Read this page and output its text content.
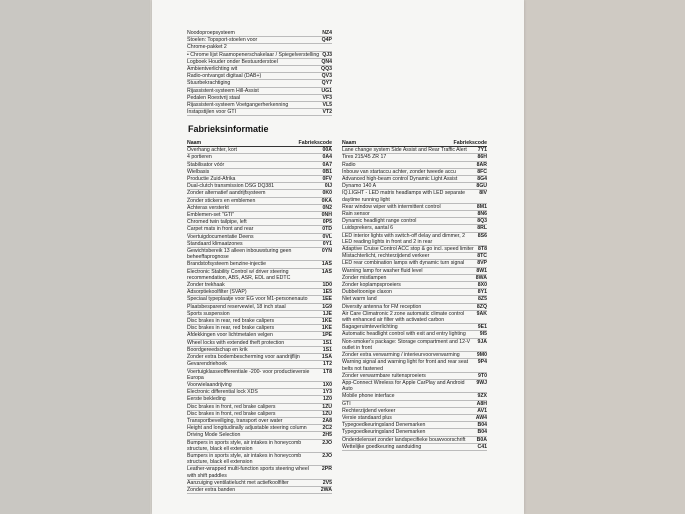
Noodoproepsysteem	NZ4
Stoelen: Topsport-stoelen voor	Q4P
Chrome-pakket 2
• Chrome lijst Raamopenerschakelaar / Spiegelverstelling QJ3
Logboek Houder onder Bestuurderstoel	QN4
Ambientverlichting wit	QQ3
Radio-ontvangst digitaal (DAB+)	QV3
Stuurbekrachtiging	QY7
Rijassistent-systeem Hill-Assist	UG1
Pedalen Roestvrij staal	VF3
Rijassistent-systeem Voetgangerherkenning	VL5
Instapstijlen voor GTI	VT2
Fabrieksinformatie
Naam	Fabriekscode
Overhang achter, kort	00A
4 portieren	0A4
Stabilisator vóór	0A7
Wielbasis	0B1
Productie Zuid-Afrika	0FV
Dual-clutch transmission DSG DQ381	0IJ
Zonder alternatief aandrijfsysteem	0K0
Zonder stickers en emblemen	0KA
Achteras versterkt	0N2
Emblemen-set "GTI"	0NH
Chromed twin tailpipe, left	0P5
Carpet mats in front and rear	0TD
Voertuigdocumentatie Deens	0VL
Standaard klimaatzones	0Y1
Gewichtsbereik 13 alleen inbouwsturing geen beheeffaprognose
0YN
Brandstofsysteem benzine-injectie	1AS
Electronic Stability Control w/ driver steering recommendation, ABS, ASR, EDL and EDTC
1AS
Zonder trekhaak	1D0
Adsorptiekoolfilter (SVAP)	1E5
Speciaal typeplaatje voor EG voor M1-personenauto	1EE
Plaatsbesparend reservewiel, 18 inch staal	1G9
Sports suspension	1JE
Disc brakes in rear, red brake calipers	1KE
Disc brakes in rear, red brake calipers	1KE
Afdekkingen voor lichtmetalen velgen	1PE
Wheel locks with extended theft protection	1S1
Boordgereedschap en krik	1S1
Zonder extra bodembescherming voor aandrijflijn	1SA
Gevarendriehoek	1T2
Voertuigklasseoffferentiale -200- voor productieversie Europa
1T8
Voorwielaandrijving	1X0
Electronic differential lock XDS	1Y3
Eerste bekleding	1Z0
Disc brakes in front, red brake calipers	1ZU
Disc brakes in front, red brake calipers	1ZU
Transportbeveiliging, transport over water	2A8
Height and longitudinally adjustable steering column	2C2
Driving Mode Selection	2H5
Bumpers in sports style, air intakes in honeycomb structure, black ell extension
2JO
Bumpers in sports style, air intakes in honeycomb structure, black ell extension
2JO
Leather-wrapped multi-function sports steering wheel with shift paddles
2PR
Aanzuiging ventilatielucht met actiefkoolfilter	2V5
Zonder extra banden	2WA
Naam	Fabriekscode
Lane change system Side Assist and Rear Traffic Alert	7Y1
Tires 215/45 ZR 17	86H
Radio	8AR
Inbouw van startaccu achter, zonder tweede accu	8FC
Advanced high-beam control Dynamic Light Assist	8G4
Dynamo 140 A	8GU
IQ.LIGHT - LED matrix headlamps with LED separate daytime running light
8IV
Rear window wiper with intermittent control	8M1
Rain sensor	8N6
Dynamic headlight range control	8Q3
Luidsprekers, aantal 6	8RL
LED interior lights with switch-off delay and dimmer, 2 LED reading lights in front and 2 in rear
8S6
Adaptive Cruise Control ACC stop & go incl. speed limiter 8T8
Mistachterlicht, rechterzijdend verkeer	8TC
LED rear combination lamps with dynamic turn signal	8VP
Warning lamp for washer fluid level	8W1
Zonder mistlampen	8WA
Zonder koplampsproeiers	8X0
Dubbeltoonige claxon	8Y1
Niet warm land	8Z5
Diversity antenna for FM reception	8ZQ
Air Care Climatronic 2 zone automatic climate control with enhanced air filter with activated carbon
9AK
Bagageruimteverlichting	9E1
Automatic headlight control with exit and entry lighting	9I5
Non-smoker's package: Storage compartment and 12-V outlet in front
9JA
Zonder extra verwarming / interieurvoorverwarming	9M0
Warning signal and warning light for front and rear seat belts not fastened
9P4
Zonder verwarmbare ruitensproeiers	9T0
App-Connect Wireless for Apple CarPlay and Android Auto
9WJ
Mobile phone interface	9ZX
GTI	A8H
Rechterzijdend verkeer	AV1
Versie standaard plus	AW4
Typegoedkeuringsland Denemarken	B04
Typegoedkeuringsland Denemarken	B04
Onderdelenset zonder landspecifieke bouwvoorschrift	B0A
Wettelijke goedkeuring aanduiding	C41
